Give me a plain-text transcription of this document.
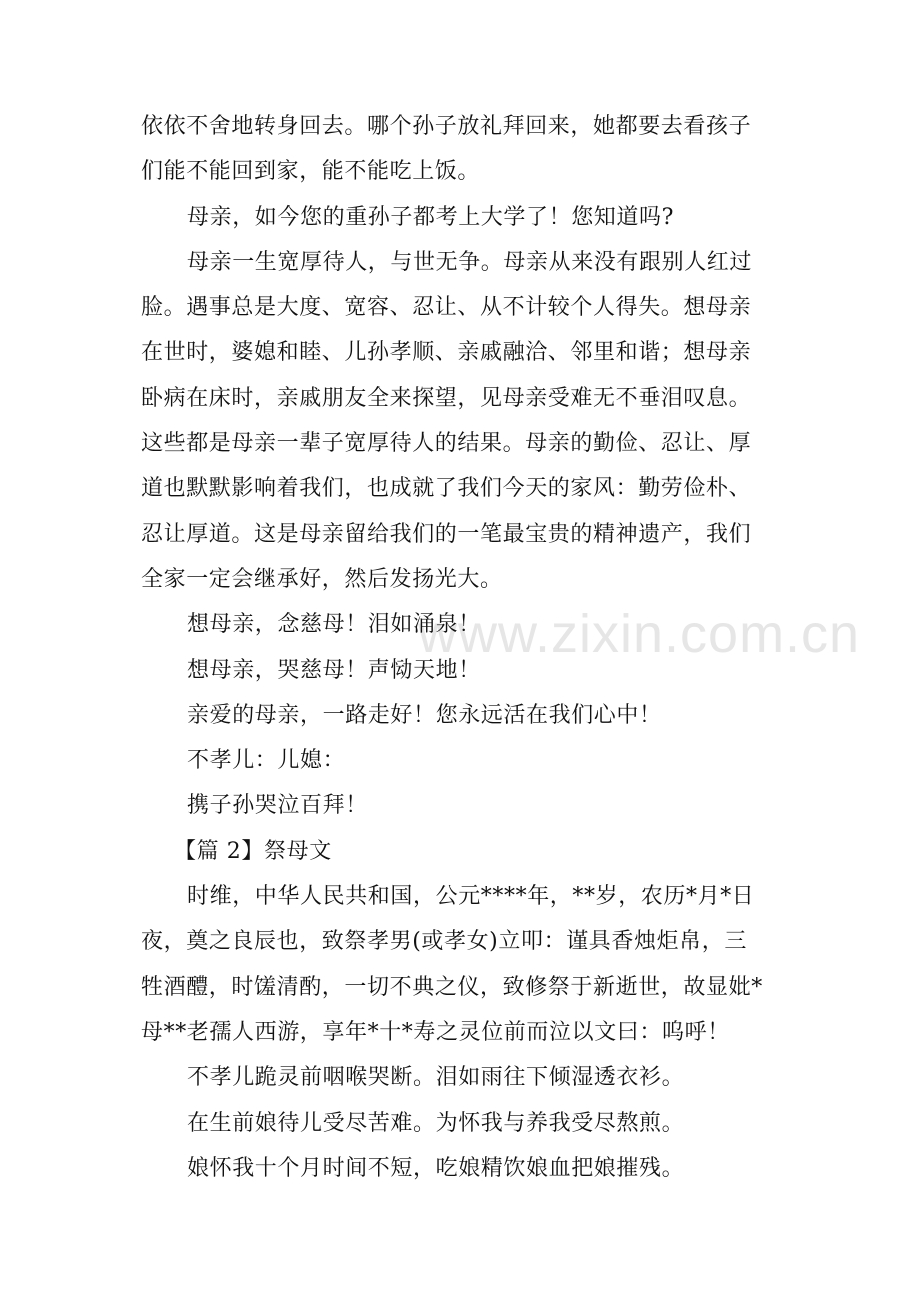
www.zixin.com.cn
依依不舍地转身回去。哪个孙子放礼拜回来，她都要去看孩子
们能不能回到家，能不能吃上饭。
母亲，如今您的重孙子都考上大学了！您知道吗?
母亲一生宽厚待人，与世无争。母亲从来没有跟别人红过
脸。遇事总是大度、宽容、忍让、从不计较个人得失。想母亲
在世时，婆媳和睦、儿孙孝顺、亲戚融洽、邻里和谐；想母亲
卧病在床时，亲戚朋友全来探望，见母亲受难无不垂泪叹息。
这些都是母亲一辈子宽厚待人的结果。母亲的勤俭、忍让、厚
道也默默影响着我们，也成就了我们今天的家风：勤劳俭朴、
忍让厚道。这是母亲留给我们的一笔最宝贵的精神遗产，我们
全家一定会继承好，然后发扬光大。
想母亲，念慈母！泪如涌泉！
想母亲，哭慈母！声恸天地！
亲爱的母亲，一路走好！您永远活在我们心中！
不孝儿：儿媳：
携子孙哭泣百拜！
【篇 2】祭母文
时维，中华人民共和国，公元****年，**岁，农历*月*日
夜，奠之良辰也，致祭孝男(或孝女)立叩：谨具香烛炬帛，三
牲酒醴，时馐清酌，一切不典之仪，致修祭于新逝世，故显妣*
母**老孺人西游，享年*十*寿之灵位前而泣以文曰：呜呼！
不孝儿跪灵前咽喉哭断。泪如雨往下倾湿透衣衫。
在生前娘待儿受尽苦难。为怀我与养我受尽熬煎。
娘怀我十个月时间不短，吃娘精饮娘血把娘摧残。
